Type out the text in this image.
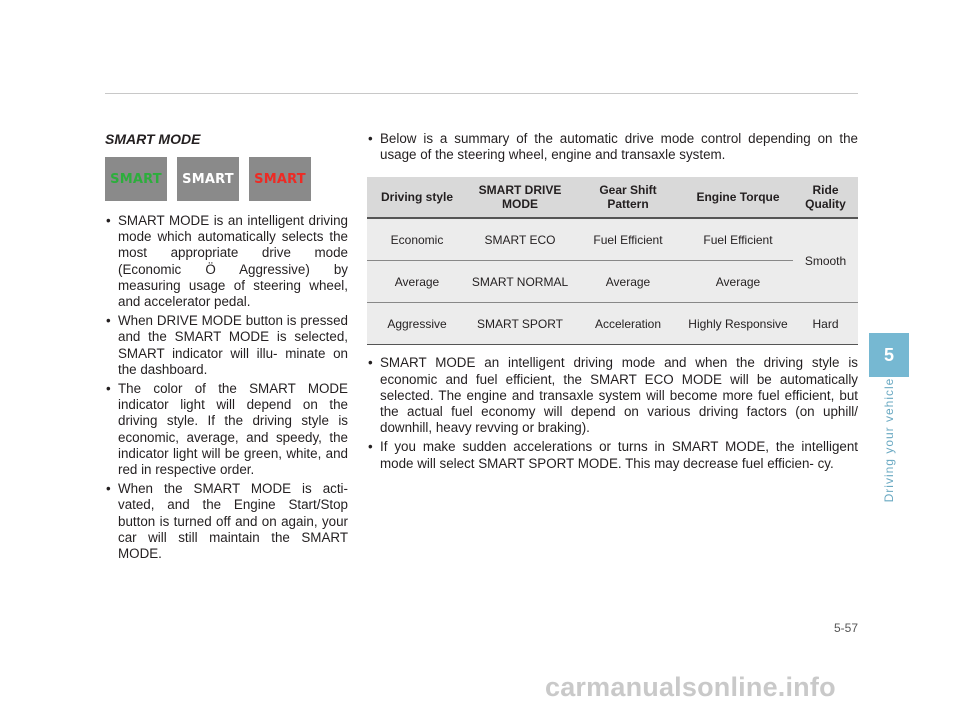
SMART MODE
SMART	SMART	SMART
• SMART MODE is an intelligent driving mode which automatically selects the most appropriate drive mode (Economic Ö Aggressive) by measuring usage of steering wheel, and accelerator pedal.
• When DRIVE MODE button is pressed and the SMART MODE is selected, SMART indicator will illu- minate on the dashboard.
• The color of the SMART MODE indicator light will depend on the driving style. If the driving style is economic, average, and speedy, the indicator light will be green, white, and red in respective order.
• When the SMART MODE is acti- vated, and the Engine Start/Stop button is turned off and on again, your car will still maintain the SMART MODE.
• Below is a summary of the automatic drive mode control depending on the usage of the steering wheel, engine and transaxle system.
Driving style	SMART DRIVE MODE	Gear Shift Pattern	Engine Torque	Ride Quality
Economic	SMART ECO	Fuel Efficient	Fuel Efficient	Smooth
Average	SMART NORMAL	Average	Average	
Aggressive	SMART SPORT	Acceleration	Highly Responsive	Hard
• SMART MODE an intelligent driving mode and when the driving style is economic and fuel efficient, the SMART ECO MODE will be automatically selected. The engine and transaxle system will become more fuel efficient, but the actual fuel economy will depend on various driving factors (on uphill/ downhill, heavy revving or braking).
• If you make sudden accelerations or turns in SMART MODE, the intelligent mode will select SMART SPORT MODE. This may decrease fuel efficien- cy.
5
Driving your vehicle
5-57
carmanualsonline.info
